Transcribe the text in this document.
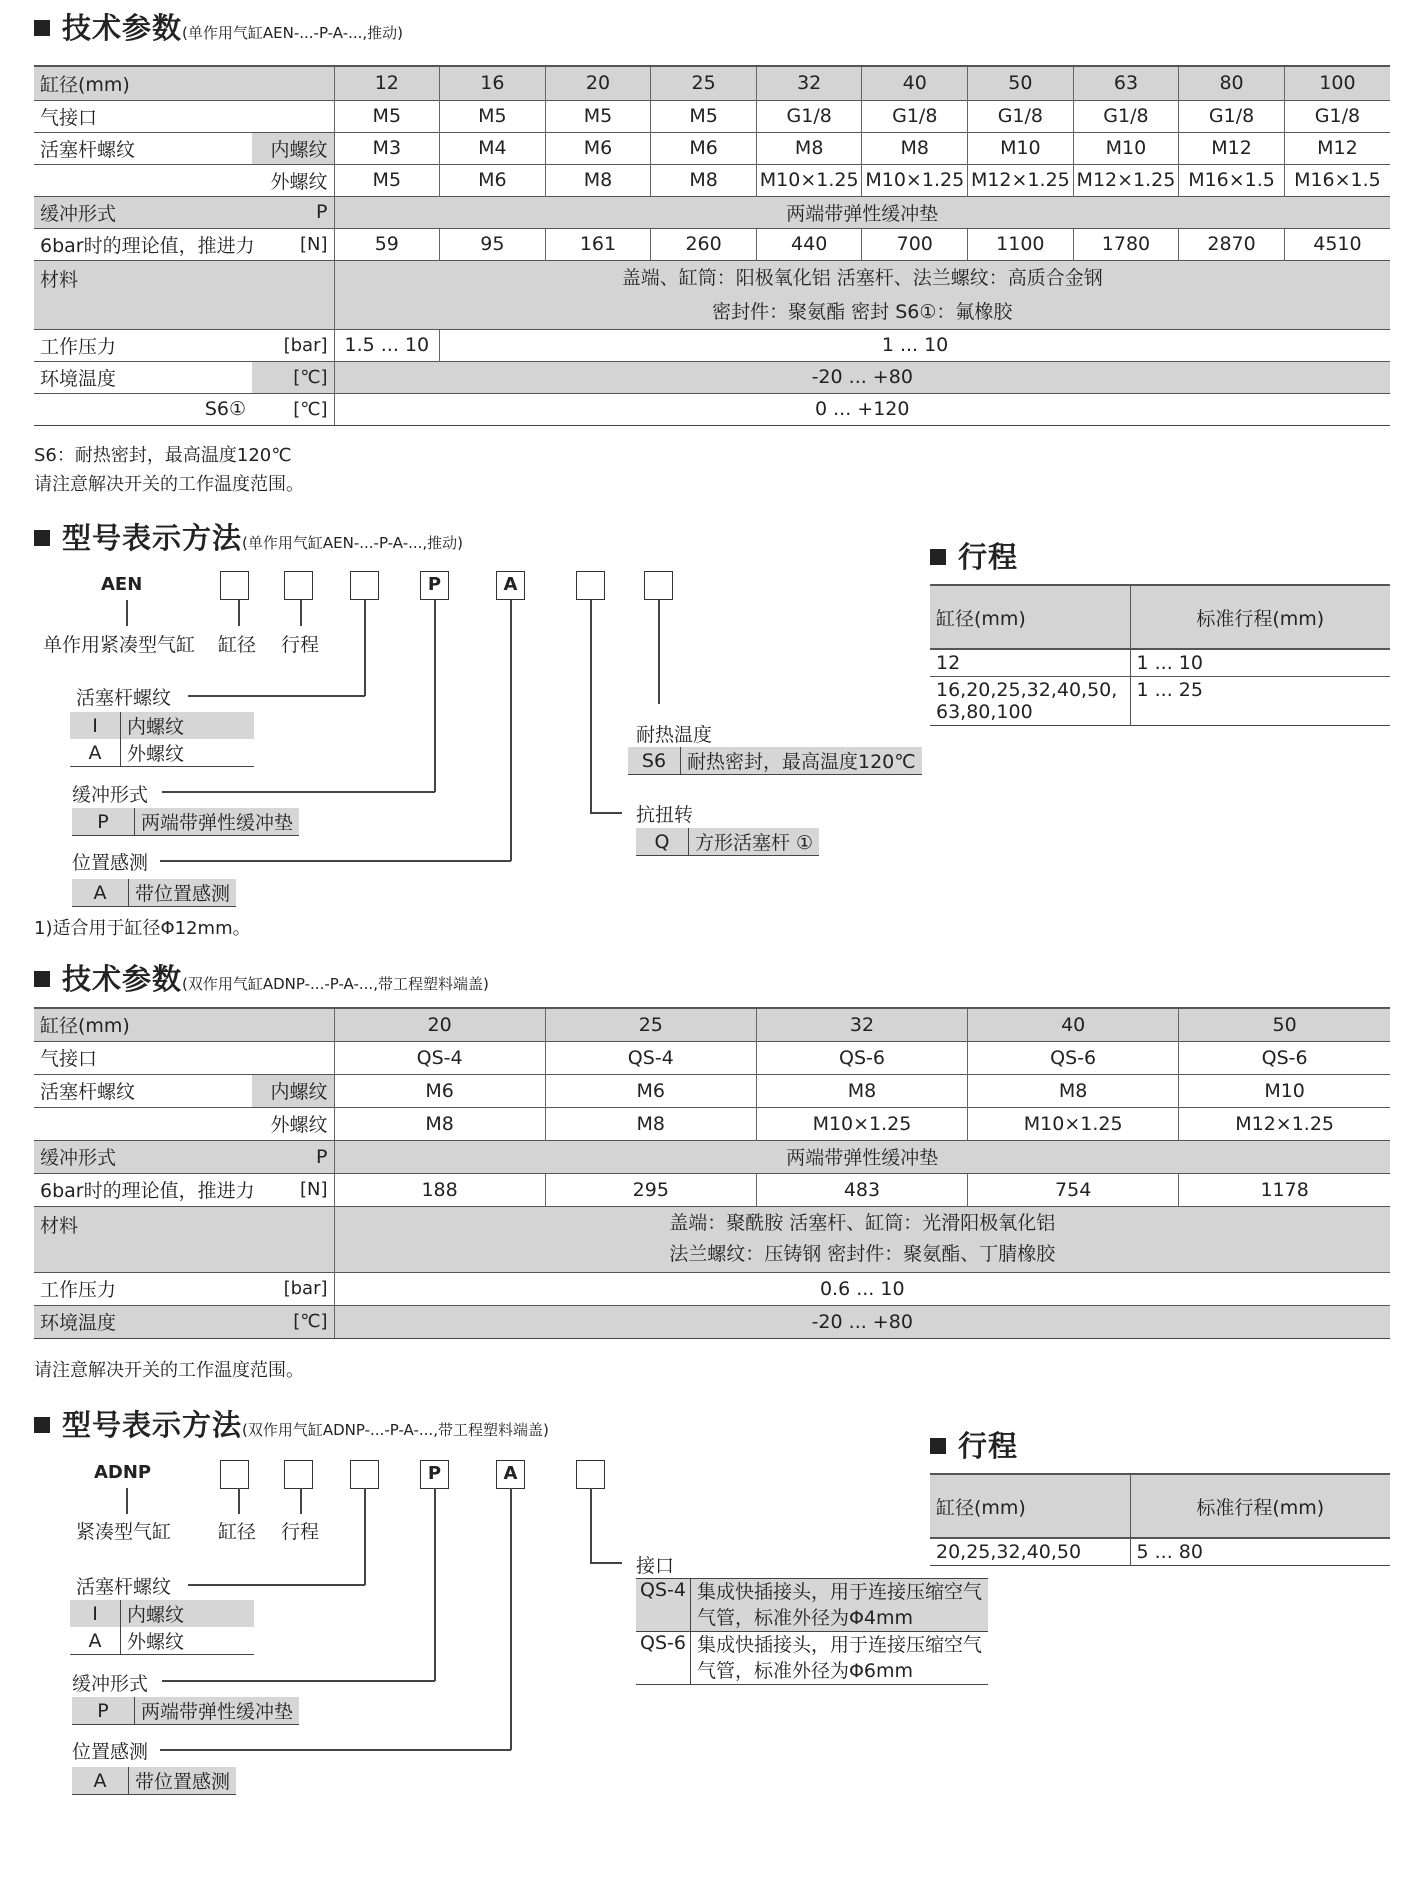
技术参数(单作用气缸AEN-...-P-A-...,推动)
缸径(mm)		12	16	20	25	32	40	50	63	80	100
气接口		M5	M5	M5	M5	G1/8	G1/8	G1/8	G1/8	G1/8	G1/8
活塞杆螺纹	内螺纹	M3	M4	M6	M6	M8	M8	M10	M10	M12	M12
	外螺纹	M5	M6	M8	M8	M10×1.25	M10×1.25	M12×1.25	M12×1.25	M16×1.5	M16×1.5

缓冲形式 P		两端带弹性缓冲垫									

6bar时的理论值，推进力 [N]		59	95	161	260	440	700	1100	1780	2870	4510
材料		盖端、缸筒：阳极氧化铝 活塞杆、法兰螺纹：高质合金钢
密封件：聚氨酯 密封 S6①：氟橡胶									

工作压力 [bar]		1.5 ... 10	1 ... 10								
环境温度	[℃]	-20 ... +80									
S6①	[℃]	0 ... +120									
S6：耐热密封，最高温度120℃
请注意解决开关的工作温度范围。
型号表示方法(单作用气缸AEN-...-P-A-...,推动)
AEN	P	A
单作用紧凑型气缸 缸径 行程
活塞杆螺纹
I	内螺纹
A	外螺纹
缓冲形式
P	两端带弹性缓冲垫
位置感测
A	带位置感测
耐热温度
S6	耐热密封，最高温度120℃
抗扭转
Q	方形活塞杆 ①
1)适合用于缸径Φ12mm。
行程
缸径(mm)	标准行程(mm)
12	1 ... 10

16,20,25,32,40,50,
63,80,100	1 ... 25
技术参数(双作用气缸ADNP-...-P-A-...,带工程塑料端盖)
缸径(mm)		20	25	32	40	50
气接口		QS-4	QS-4	QS-6	QS-6	QS-6
活塞杆螺纹	内螺纹	M6	M6	M8	M8	M10
	外螺纹	M8	M8	M10×1.25	M10×1.25	M12×1.25

缓冲形式 P		两端带弹性缓冲垫				

6bar时的理论值，推进力 [N]		188	295	483	754	1178
材料		盖端：聚酰胺 活塞杆、缸筒：光滑阳极氧化铝
法兰螺纹：压铸钢 密封件：聚氨酯、丁腈橡胶				

工作压力 [bar]		0.6 ... 10				

环境温度 [℃]		-20 ... +80				
请注意解决开关的工作温度范围。
型号表示方法(双作用气缸ADNP-...-P-A-...,带工程塑料端盖)
ADNP	P	A
紧凑型气缸 缸径 行程
活塞杆螺纹
I	内螺纹
A	外螺纹
缓冲形式
P	两端带弹性缓冲垫
位置感测
A	带位置感测
接口
QS-4	集成快插接头，用于连接压缩空气
气管，标准外径为Φ4mm

QS-6	集成快插接头，用于连接压缩空气
气管，标准外径为Φ6mm
行程
缸径(mm)	标准行程(mm)
20,25,32,40,50	5 ... 80
